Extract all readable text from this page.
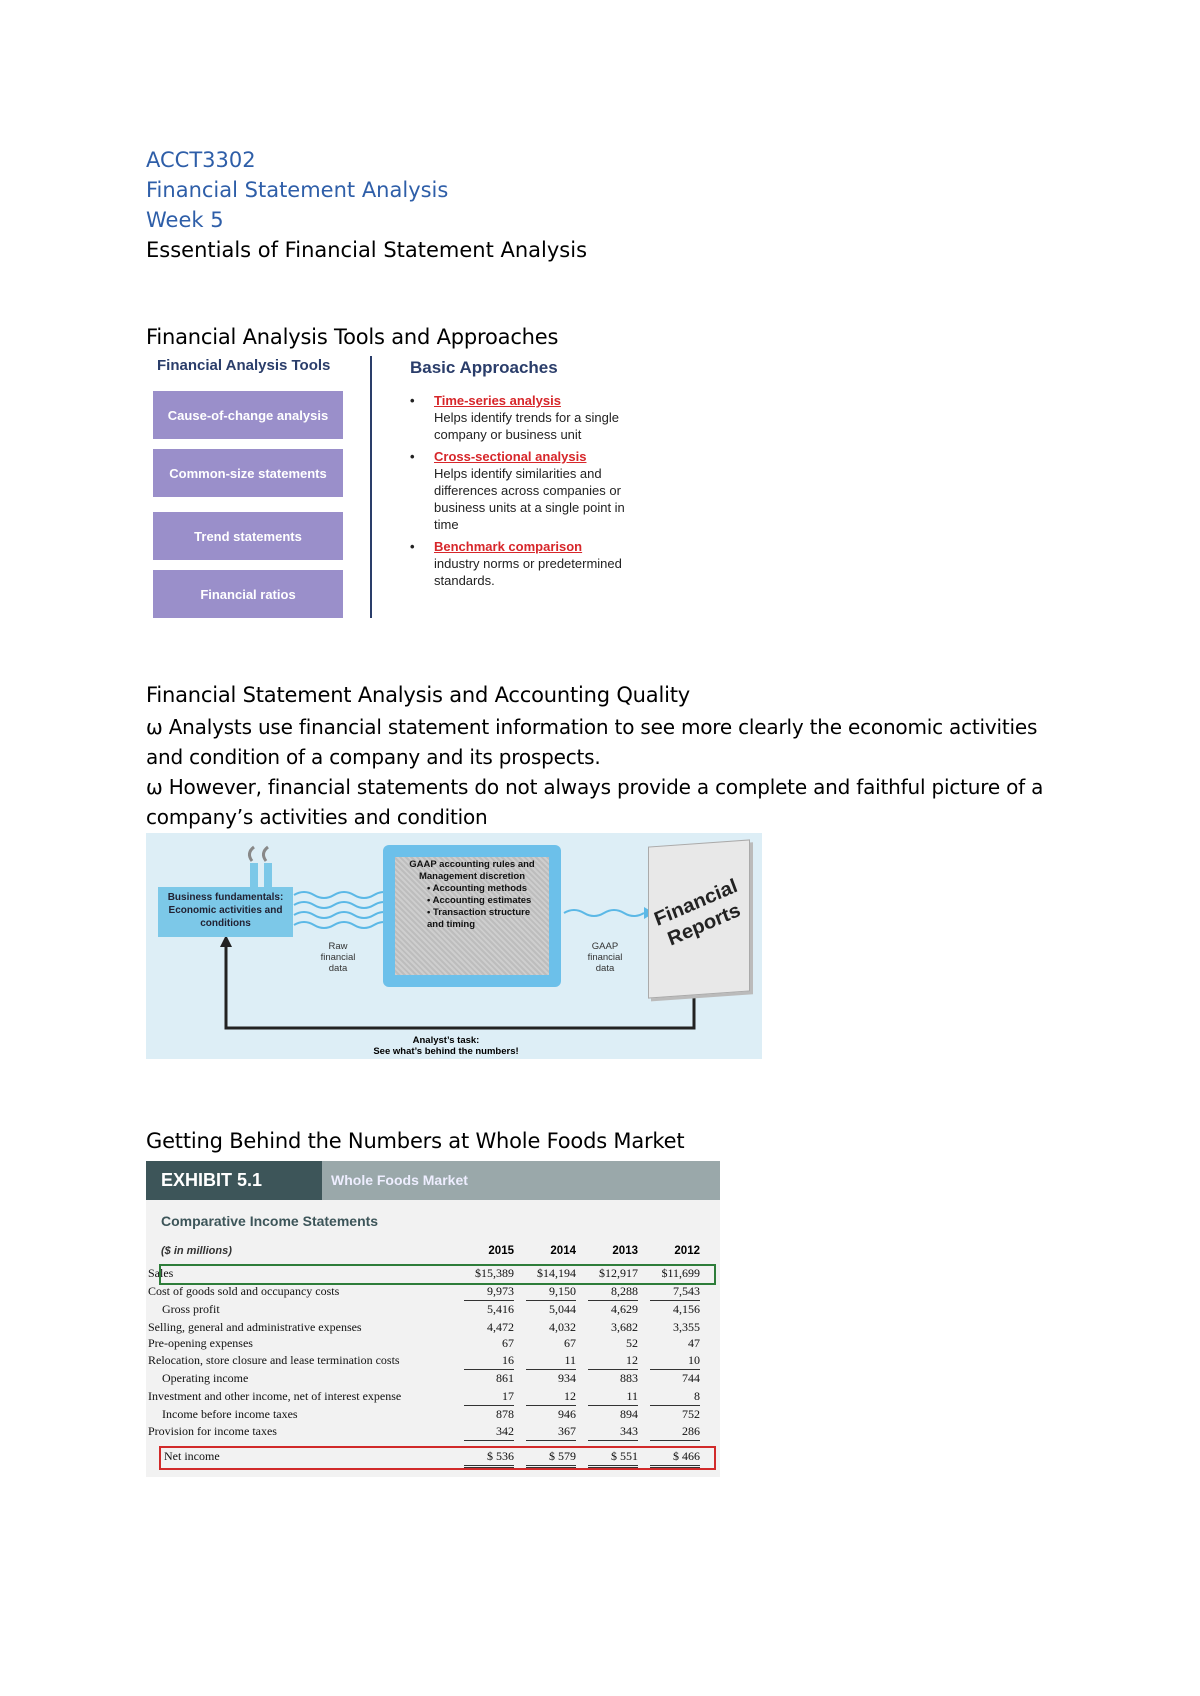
ACCT3302
Financial Statement Analysis
Week 5
Essentials of Financial Statement Analysis
Financial Analysis Tools and Approaches
Financial Analysis Tools
Cause-of-change analysis
Common-size statements
Trend statements
Financial ratios
Basic Approaches
• Time-series analysis
Helps identify trends for a single company or business unit
• Cross-sectional analysis
Helps identify similarities and differences across companies or business units at a single point in time
• Benchmark comparison
industry norms or predetermined standards.
Financial Statement Analysis and Accounting Quality
ω Analysts use financial statement information to see more clearly the economic activities and condition of a company and its prospects.
ω However, financial statements do not always provide a complete and faithful picture of a company’s activities and condition
Business fundamentals: Economic activities and conditions
Raw financial data
GAAP accounting rules and Management discretion
• Accounting methods
• Accounting estimates
• Transaction structure and timing
GAAP financial data
Financial Reports
Analyst’s task:
See what’s behind the numbers!
Getting Behind the Numbers at Whole Foods Market
EXHIBIT 5.1	Whole Foods Market
Comparative Income Statements
($ in millions)	2015	2014	2013	2012
Sales	$15,389	$14,194	$12,917	$11,699
Cost of goods sold and occupancy costs	9,973	9,150	8,288	7,543
Gross profit	5,416	5,044	4,629	4,156
Selling, general and administrative expenses	4,472	4,032	3,682	3,355
Pre-opening expenses	67	67	52	47
Relocation, store closure and lease termination costs	16	11	12	10
Operating income	861	934	883	744
Investment and other income, net of interest expense	17	12	11	8
Income before income taxes	878	946	894	752
Provision for income taxes	342	367	343	286
Net income	$ 536	$ 579	$ 551	$ 466
